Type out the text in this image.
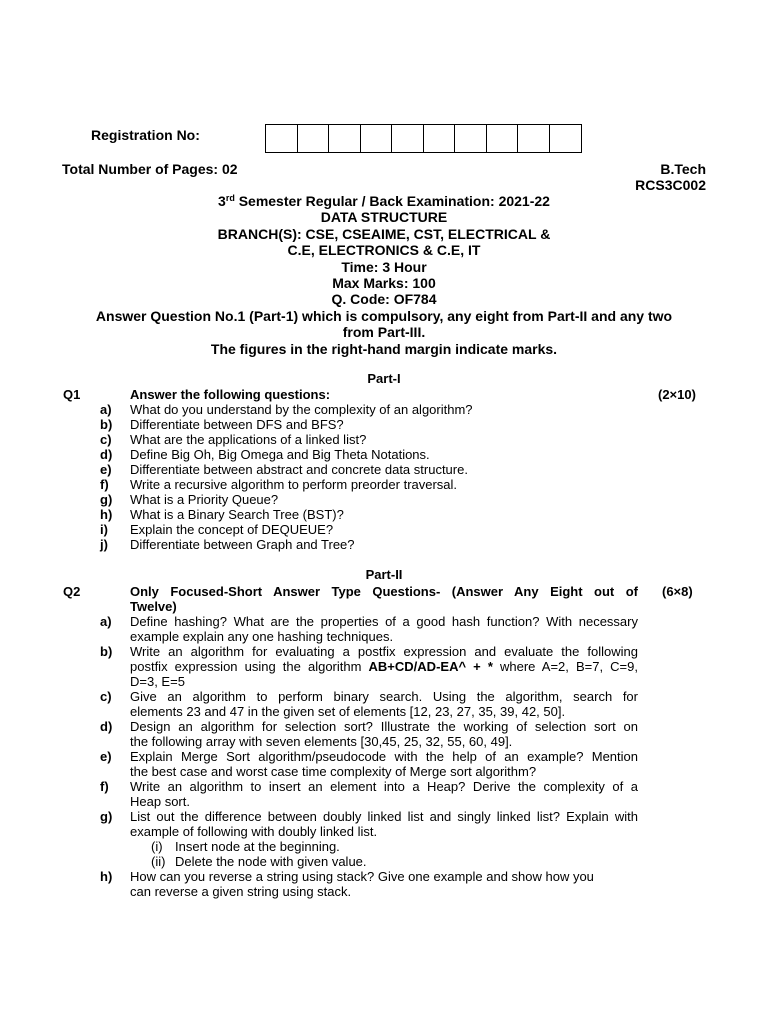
Registration No:
Total Number of Pages: 02	B.Tech
RCS3C002
3rd Semester Regular / Back Examination: 2021-22
DATA STRUCTURE
BRANCH(S): CSE, CSEAIME, CST, ELECTRICAL &
C.E, ELECTRONICS & C.E, IT
Time: 3 Hour
Max Marks: 100
Q. Code: OF784
Answer Question No.1 (Part-1) which is compulsory, any eight from Part-II and any two
from Part-III.
The figures in the right-hand margin indicate marks.
Part-I
Q1	Answer the following questions:	(2×10)
a) What do you understand by the complexity of an algorithm?
b) Differentiate between DFS and BFS?
c) What are the applications of a linked list?
d) Define Big Oh, Big Omega and Big Theta Notations.
e) Differentiate between abstract and concrete data structure.
f)	Write a recursive algorithm to perform preorder traversal.
g) What is a Priority Queue?
h) What is a Binary Search Tree (BST)?
i)	Explain the concept of DEQUEUE?
j)	Differentiate between Graph and Tree?
Part-II
Q2	Only Focused-Short Answer Type Questions- (Answer Any Eight out of
Twelve)
(6×8)
a) Define hashing? What are the properties of a good hash function? With necessary
example explain any one hashing techniques.
b) Write an algorithm for evaluating a postfix expression and evaluate the following
postfix expression using the algorithm AB+CD/AD-EA^ + * where A=2, B=7, C=9,
D=3, E=5
c) Give an algorithm to perform binary search. Using the algorithm, search for
elements 23 and 47 in the given set of elements [12, 23, 27, 35, 39, 42, 50].
d) Design an algorithm for selection sort? Illustrate the working of selection sort on
the following array with seven elements [30,45, 25, 32, 55, 60, 49].
e) Explain Merge Sort algorithm/pseudocode with the help of an example? Mention
the best case and worst case time complexity of Merge sort algorithm?
f)	Write an algorithm to insert an element into a Heap? Derive the complexity of a
Heap sort.
g) List out the difference between doubly linked list and singly linked list? Explain with
example of following with doubly linked list.
(i) Insert node at the beginning.
(ii) Delete the node with given value.
h) How can you reverse a string using stack? Give one example and show how you
can reverse a given string using stack.
